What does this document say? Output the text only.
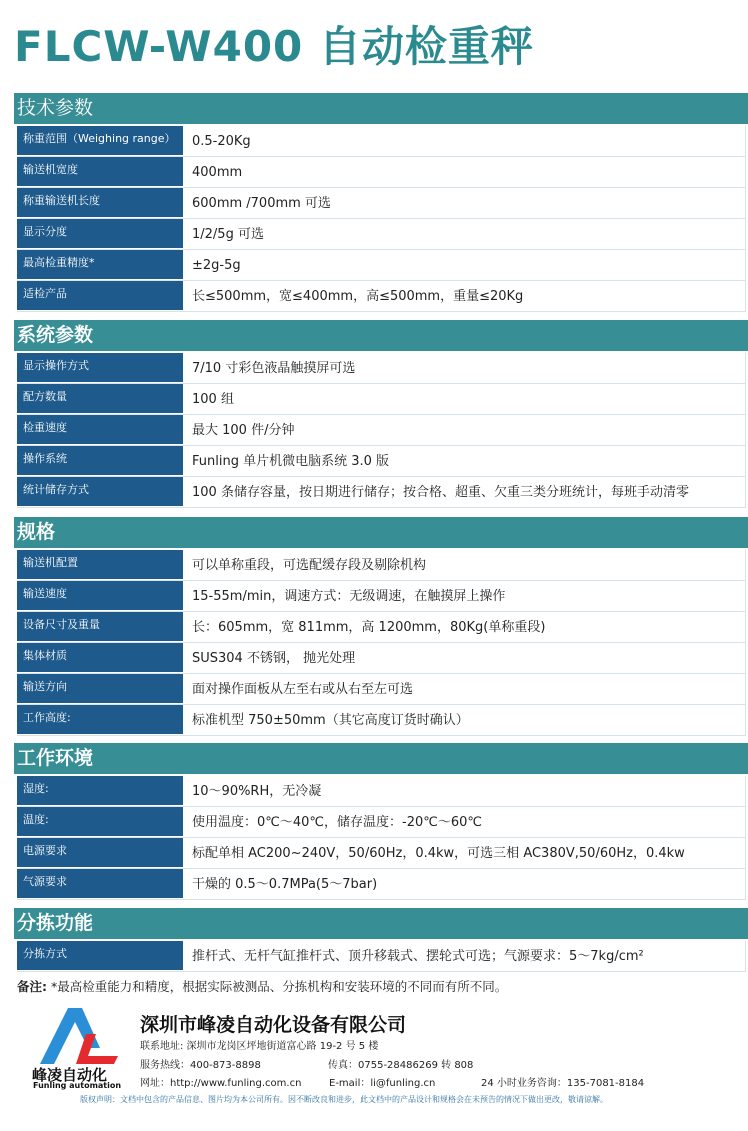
FLCW-W400 自动检重秤
技术参数
称重范围（Weighing range）	0.5-20Kg
输送机宽度	400mm
称重输送机长度	600mm /700mm 可选
显示分度	1/2/5g 可选
最高检重精度*	±2g-5g
适检产品	长≤500mm，宽≤400mm，高≤500mm，重量≤20Kg
系统参数
显示操作方式	7/10 寸彩色液晶触摸屏可选
配方数量	100 组
检重速度	最大 100 件/分钟
操作系统	Funling 单片机微电脑系统 3.0 版
统计储存方式	100 条储存容量，按日期进行储存；按合格、超重、欠重三类分班统计，每班手动清零
规格
输送机配置	可以单称重段，可选配缓存段及剔除机构
输送速度	15-55m/min，调速方式：无级调速，在触摸屏上操作
设备尺寸及重量	长：605mm，宽 811mm，高 1200mm，80Kg(单称重段)
集体材质	SUS304 不锈钢， 抛光处理
输送方向	面对操作面板从左至右或从右至左可选
工作高度:	标准机型 750±50mm（其它高度订货时确认）
工作环境
湿度:	10～90%RH，无冷凝
温度:	使用温度：0℃～40℃，储存温度：-20℃～60℃
电源要求	标配单相 AC200~240V，50/60Hz，0.4kw，可选三相 AC380V,50/60Hz，0.4kw
气源要求	干燥的 0.5～0.7MPa(5～7bar)
分拣功能
分拣方式	推杆式、无杆气缸推杆式、顶升移载式、摆轮式可选；气源要求：5～7kg/cm²
备注: *最高检重能力和精度，根据实际被测品、分拣机构和安装环境的不同而有所不同。
峰凌自动化
Funling automation
深圳市峰凌自动化设备有限公司
联系地址: 深圳市龙岗区坪地街道富心路 19-2 号 5 楼
服务热线：400-873-8898	传真：0755-28486269 转 808
网址：http://www.funling.com.cn	E-mail：li@funling.cn	24 小时业务咨询：135-7081-8184
版权声明：文档中包含的产品信息、图片均为本公司所有。因不断改良和进步，此文档中的产品设计和规格会在未预告的情况下做出更改，敬请谅解。
